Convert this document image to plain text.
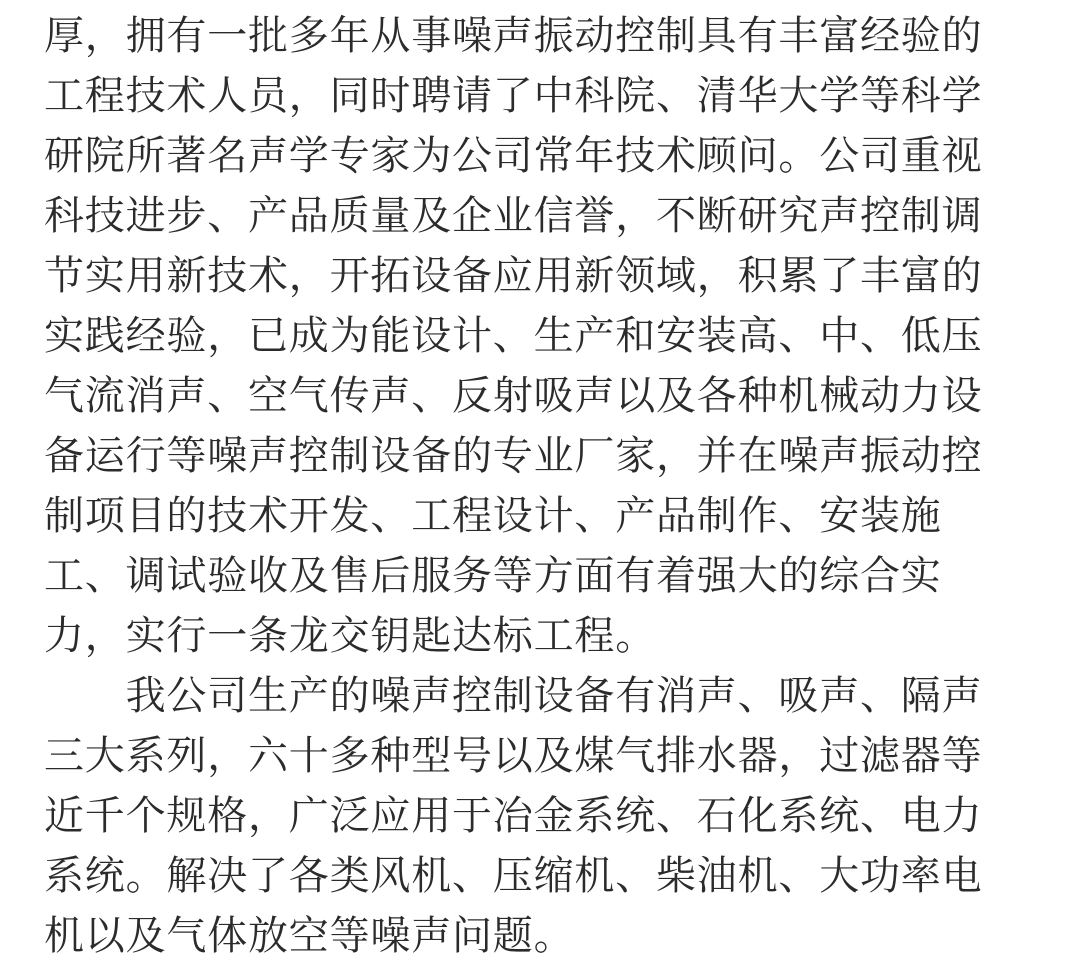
厚，拥有一批多年从事噪声振动控制具有丰富经验的
工程技术人员，同时聘请了中科院、清华大学等科学
研院所著名声学专家为公司常年技术顾问。公司重视
科技进步、产品质量及企业信誉，不断研究声控制调
节实用新技术，开拓设备应用新领域，积累了丰富的
实践经验，已成为能设计、生产和安装高、中、低压
气流消声、空气传声、反射吸声以及各种机械动力设
备运行等噪声控制设备的专业厂家，并在噪声振动控
制项目的技术开发、工程设计、产品制作、安装施
工、调试验收及售后服务等方面有着强大的综合实
力，实行一条龙交钥匙达标工程。
　　我公司生产的噪声控制设备有消声、吸声、隔声
三大系列，六十多种型号以及煤气排水器，过滤器等
近千个规格，广泛应用于冶金系统、石化系统、电力
系统。解决了各类风机、压缩机、柴油机、大功率电
机以及气体放空等噪声问题。
